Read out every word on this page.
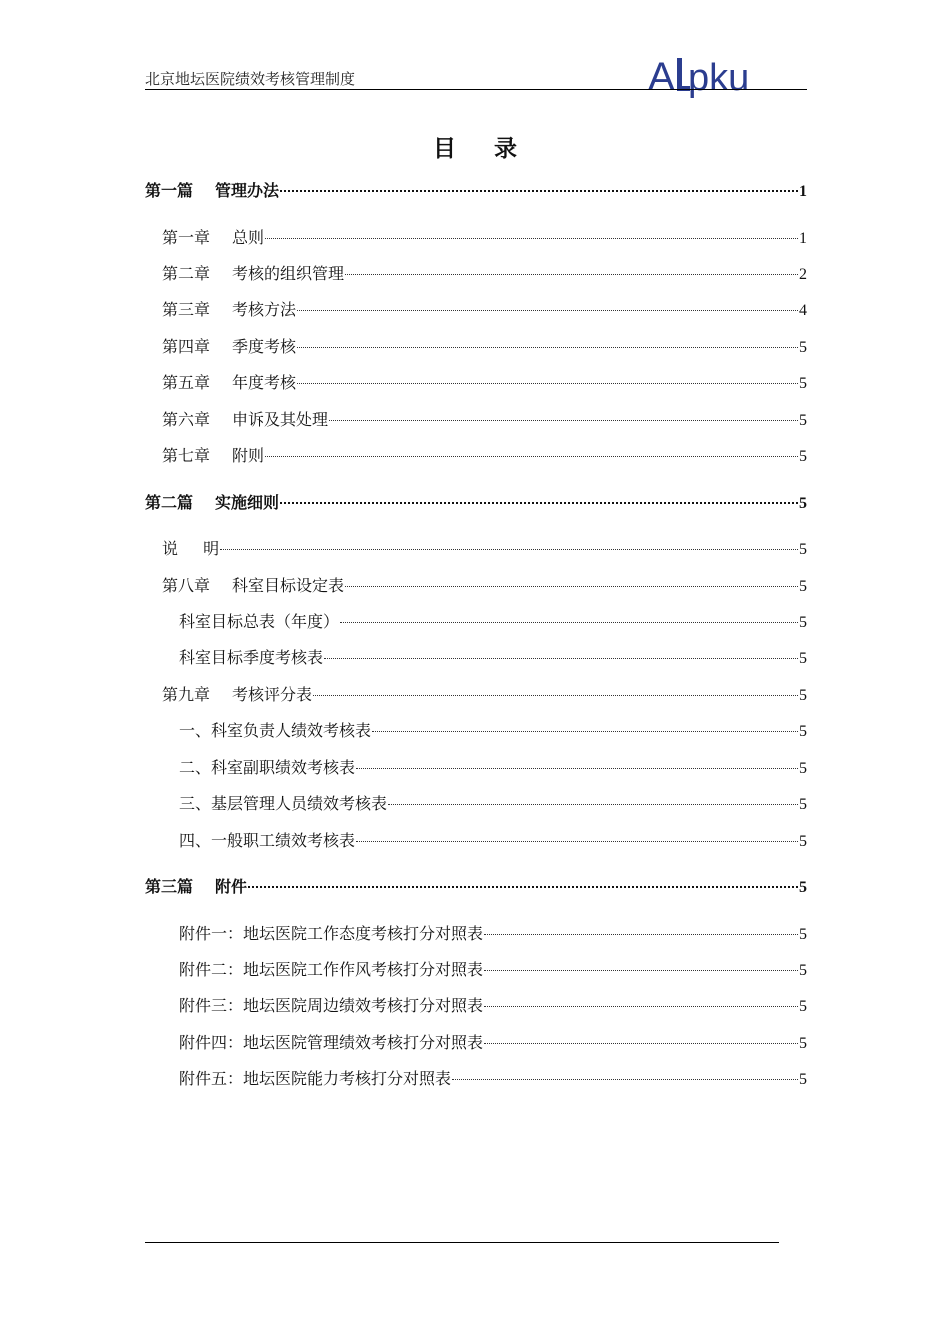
北京地坛医院绩效考核管理制度	A pku
目录
第一篇 管理办法	1
第一章 总则	1
第二章 考核的组织管理	2
第三章 考核方法	4
第四章 季度考核	5
第五章 年度考核	5
第六章 申诉及其处理	5
第七章 附则	5
第二篇 实施细则	5
说 明	5
第八章 科室目标设定表	5
科室目标总表（年度）	5
科室目标季度考核表	5
第九章 考核评分表	5
一、科室负责人绩效考核表	5
二、科室副职绩效考核表	5
三、基层管理人员绩效考核表	5
四、一般职工绩效考核表	5
第三篇 附件	5
附件一：地坛医院工作态度考核打分对照表	5
附件二：地坛医院工作作风考核打分对照表	5
附件三：地坛医院周边绩效考核打分对照表	5
附件四：地坛医院管理绩效考核打分对照表	5
附件五：地坛医院能力考核打分对照表	5
